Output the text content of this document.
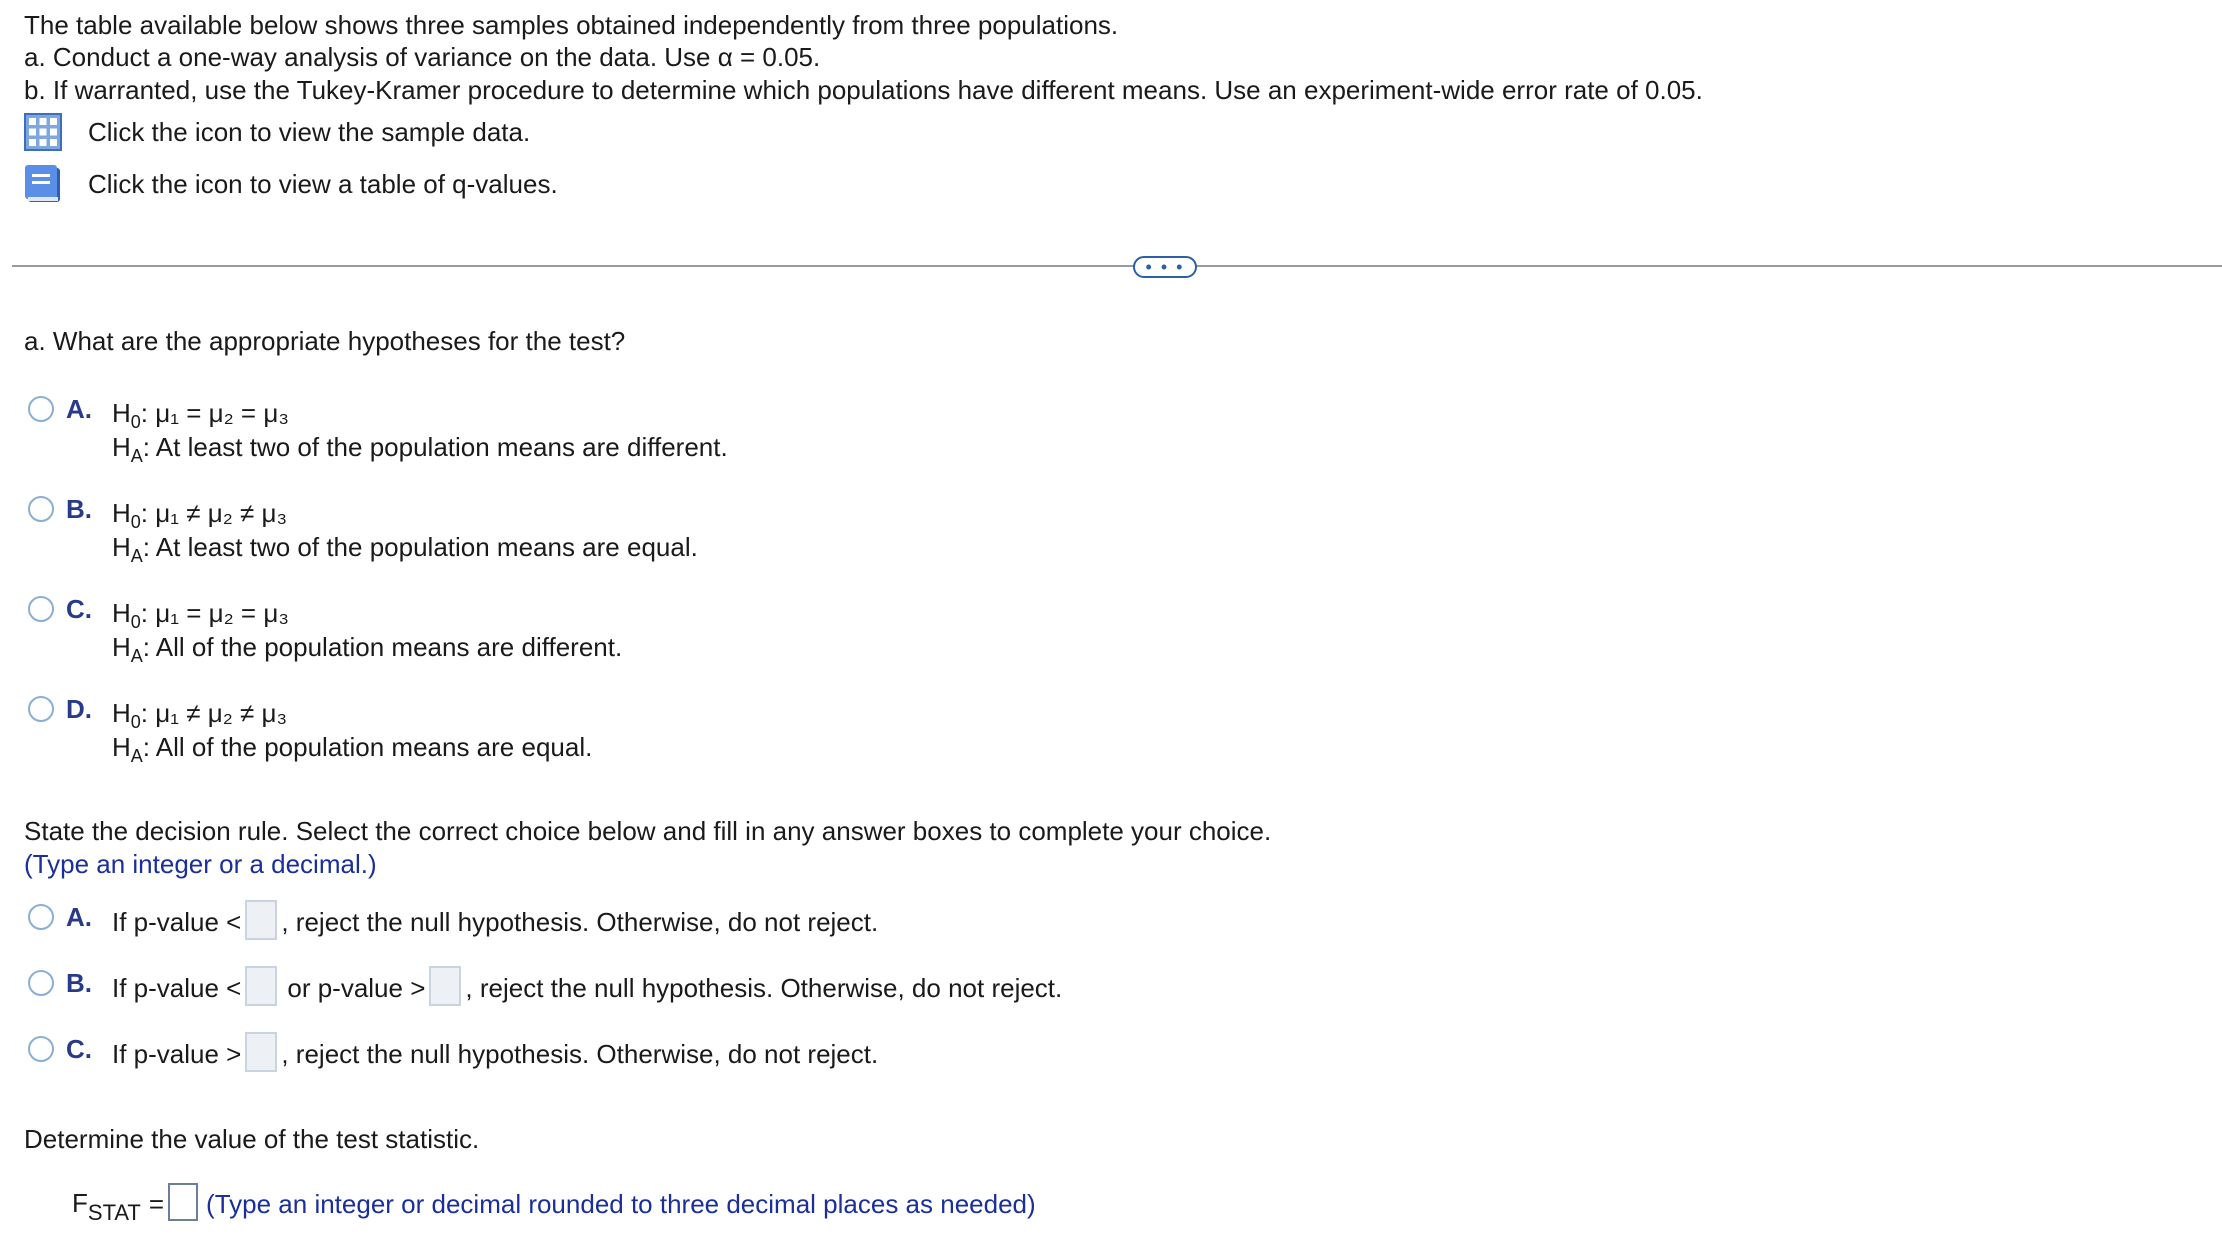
The table available below shows three samples obtained independently from three populations.
a. Conduct a one-way analysis of variance on the data. Use α = 0.05.
b. If warranted, use the Tukey-Kramer procedure to determine which populations have different means. Use an experiment-wide error rate of 0.05.
Click the icon to view the sample data.
Click the icon to view a table of q-values.
• • •
a. What are the appropriate hypotheses for the test?
A. $H_0$: μ₁ = μ₂ = μ₃
$H_A$: At least two of the population means are different.
B. $H_0$: μ₁ ≠ μ₂ ≠ μ₃
$H_A$: At least two of the population means are equal.
C. $H_0$: μ₁ = μ₂ = μ₃
$H_A$: All of the population means are different.
D. $H_0$: μ₁ ≠ μ₂ ≠ μ₃
$H_A$: All of the population means are equal.
State the decision rule. Select the correct choice below and fill in any answer boxes to complete your choice.
(Type an integer or a decimal.)
A. If p-value < , reject the null hypothesis. Otherwise, do not reject.
B. If p-value < or p-value > , reject the null hypothesis. Otherwise, do not reject.
C. If p-value > , reject the null hypothesis. Otherwise, do not reject.
Determine the value of the test statistic.
$F_{STAT}$ = (Type an integer or decimal rounded to three decimal places as needed)
